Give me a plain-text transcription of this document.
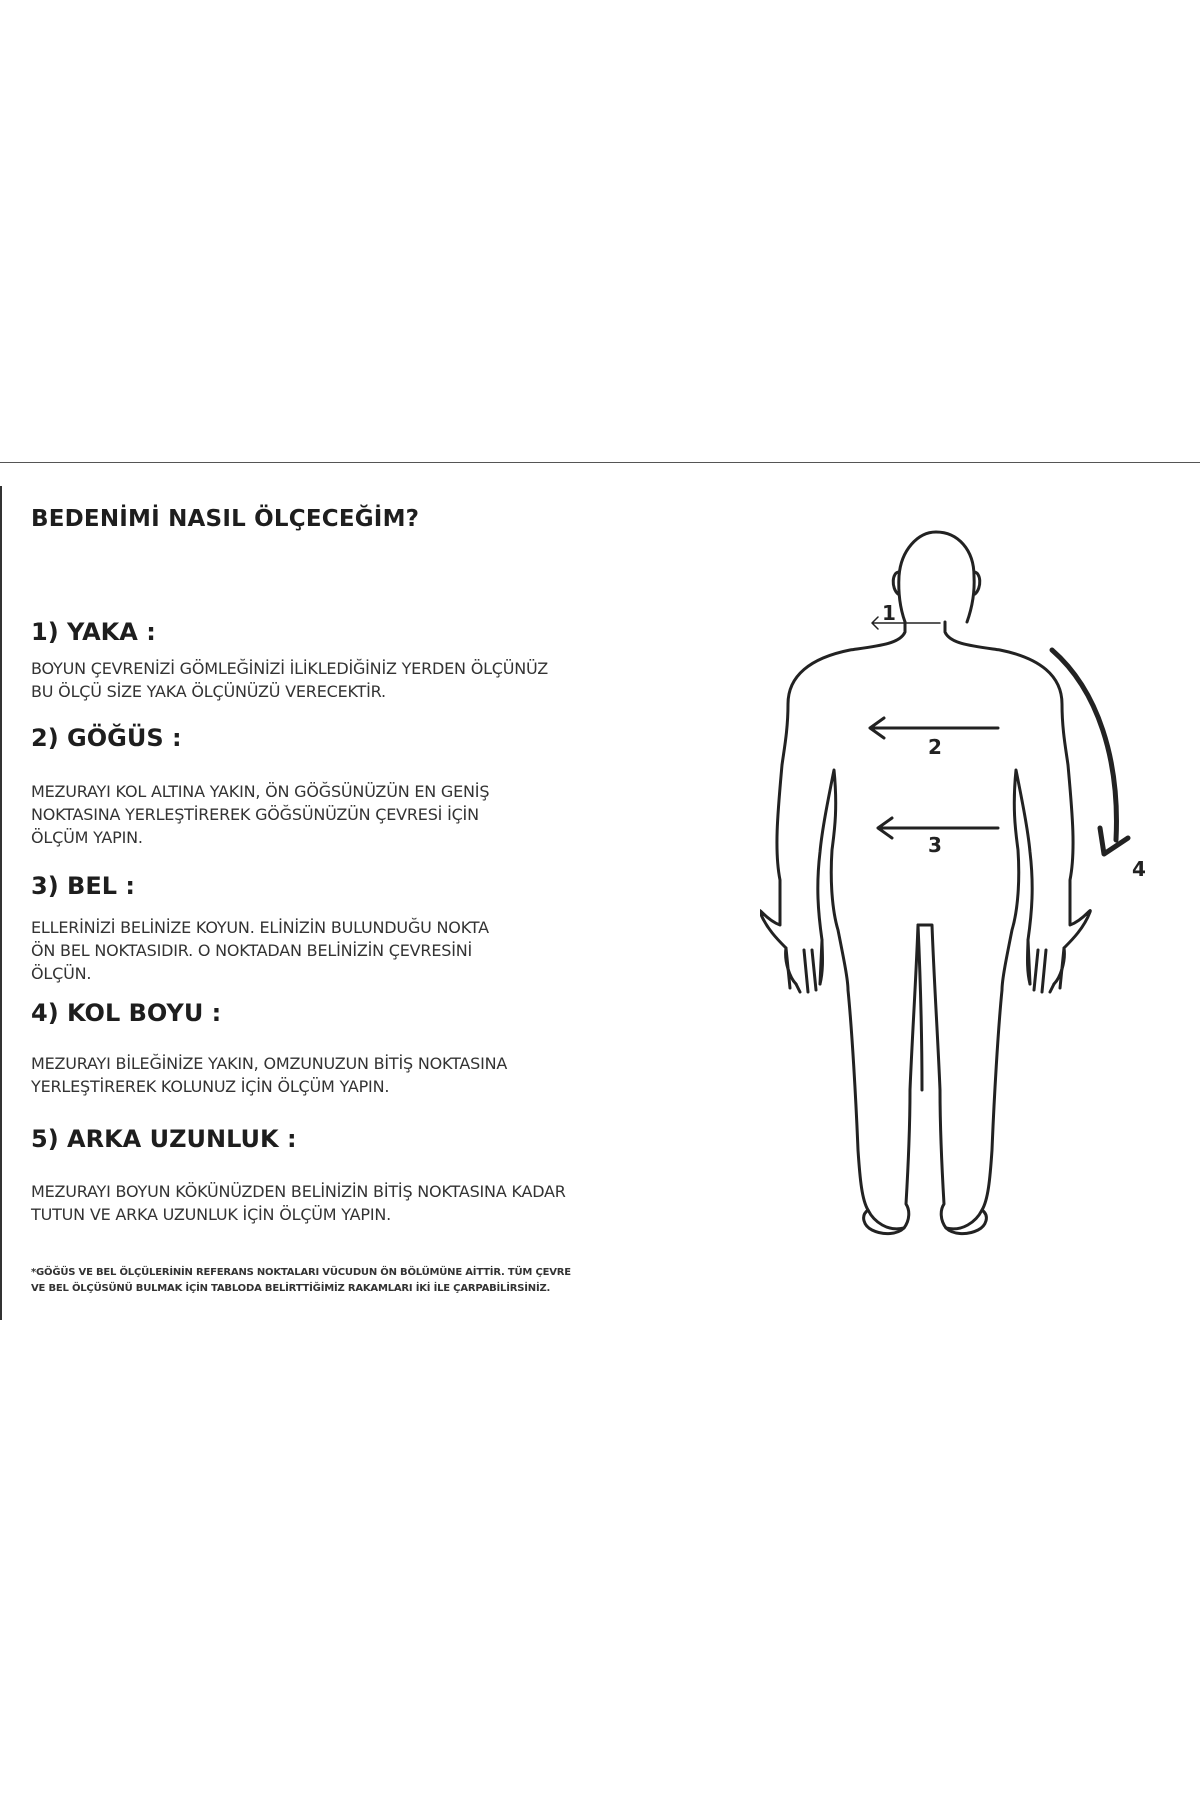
BEDENİMİ NASIL ÖLÇECEĞİM?
1) YAKA :

BOYUN ÇEVRENİZİ GÖMLEĞİNİZİ İLİKLEDİĞİNİZ YERDEN ÖLÇÜNÜZ
BU ÖLÇÜ SİZE YAKA ÖLÇÜNÜZÜ VERECEKTİR.

2) GÖĞÜS :

MEZURAYI KOL ALTINA YAKIN, ÖN GÖĞSÜNÜZÜN EN GENİŞ
NOKTASINA YERLEŞTİREREK GÖĞSÜNÜZÜN ÇEVRESİ İÇİN
ÖLÇÜM YAPIN.

3) BEL :

ELLERİNİZİ BELİNİZE KOYUN. ELİNİZİN BULUNDUĞU NOKTA
ÖN BEL NOKTASIDIR. O NOKTADAN BELİNİZİN ÇEVRESİNİ
ÖLÇÜN.

4) KOL BOYU :

MEZURAYI BİLEĞİNİZE YAKIN, OMZUNUZUN BİTİŞ NOKTASINA
YERLEŞTİREREK KOLUNUZ İÇİN ÖLÇÜM YAPIN.

5) ARKA UZUNLUK :

MEZURAYI BOYUN KÖKÜNÜZDEN BELİNİZİN BİTİŞ NOKTASINA KADAR
TUTUN VE ARKA UZUNLUK İÇİN ÖLÇÜM YAPIN.

*GÖĞÜS VE BEL ÖLÇÜLERİNİN REFERANS NOKTALARI VÜCUDUN ÖN BÖLÜMÜNE AİTTİR. TÜM ÇEVRE
VE BEL ÖLÇÜSÜNÜ BULMAK İÇİN TABLODA BELİRTTİĞİMİZ RAKAMLARI İKİ İLE ÇARPABİLİRSİNİZ.

1
2
3
4
